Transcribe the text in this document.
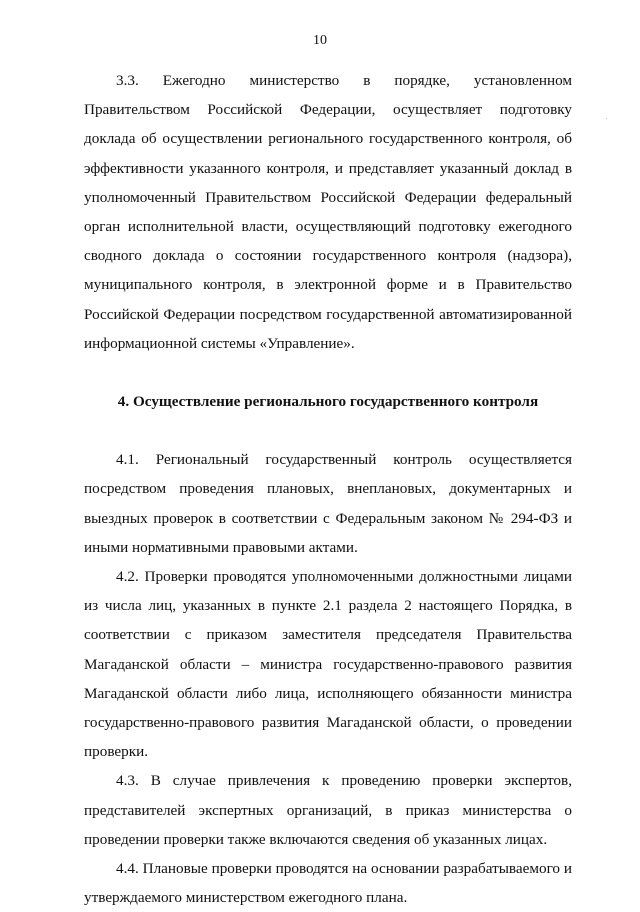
10

3.3. Ежегодно министерство в порядке, установленном Правительством Российской Федерации, осуществляет подготовку доклада об осуществлении регионального государственного контроля, об эффективности указанного контроля, и представляет указанный доклад в уполномоченный Правительством Российской Федерации федеральный орган исполнительной власти, осуществляющий подготовку ежегодного сводного доклада о состоянии государственного контроля (надзора), муниципального контроля, в электронной форме и в Правительство Российской Федерации посредством государственной автоматизированной информационной системы «Управление».

4. Осуществление регионального государственного контроля

4.1. Региональный государственный контроль осуществляется посредством проведения плановых, внеплановых, документарных и выездных проверок в соответствии с Федеральным законом № 294-ФЗ и иными нормативными правовыми актами.

4.2. Проверки проводятся уполномоченными должностными лицами из числа лиц, указанных в пункте 2.1 раздела 2 настоящего Порядка, в соответствии с приказом заместителя председателя Правительства Магаданской области – министра государственно-правового развития Магаданской области либо лица, исполняющего обязанности министра государственно-правового развития Магаданской области, о проведении проверки.

4.3. В случае привлечения к проведению проверки экспертов, представителей экспертных организаций, в приказ министерства о проведении проверки также включаются сведения об указанных лицах.

4.4. Плановые проверки проводятся на основании разрабатываемого и утверждаемого министерством ежегодного плана.
